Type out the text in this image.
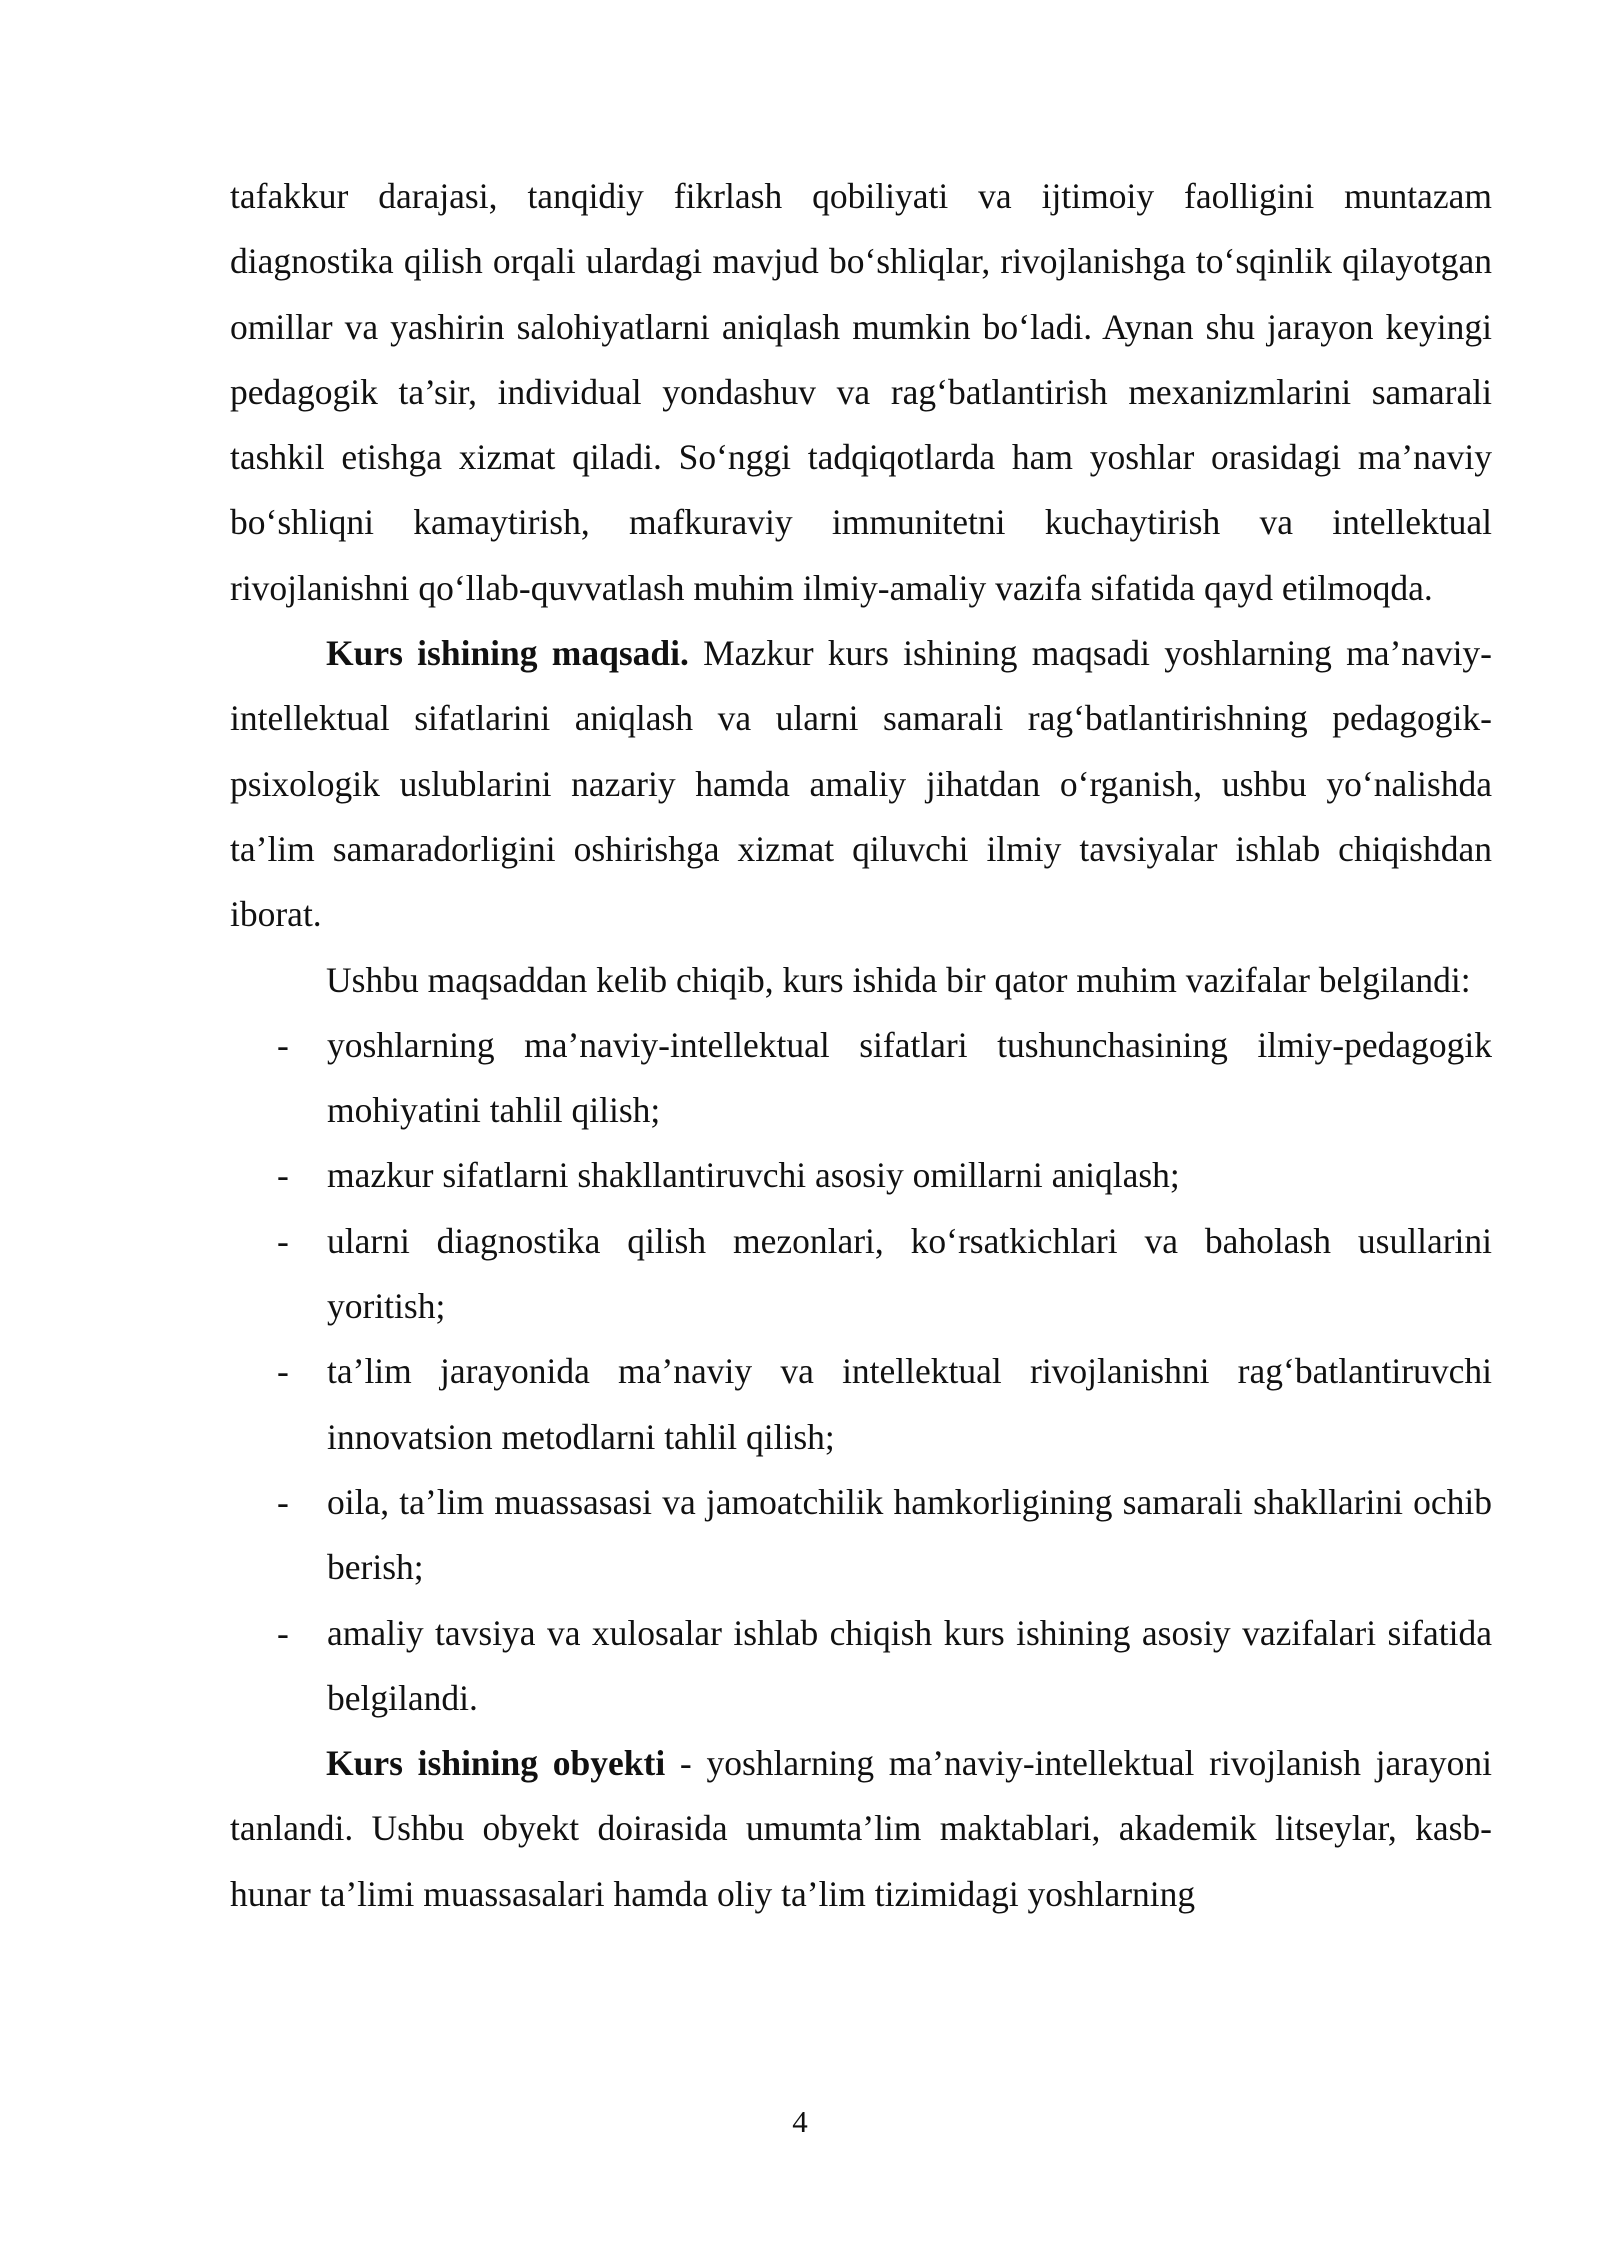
tafakkur darajasi, tanqidiy fikrlash qobiliyati va ijtimoiy faolligini muntazam diagnostika qilish orqali ulardagi mavjud bo‘shliqlar, rivojlanishga to‘sqinlik qilayotgan omillar va yashirin salohiyatlarni aniqlash mumkin bo‘ladi. Aynan shu jarayon keyingi pedagogik ta’sir, individual yondashuv va rag‘batlantirish mexanizmlarini samarali tashkil etishga xizmat qiladi. So‘nggi tadqiqotlarda ham yoshlar orasidagi ma’naviy bo‘shliqni kamaytirish, mafkuraviy immunitetni kuchaytirish va intellektual rivojlanishni qo‘llab-quvvatlash muhim ilmiy-amaliy vazifa sifatida qayd etilmoqda.

Kurs ishining maqsadi. Mazkur kurs ishining maqsadi yoshlarning ma’naviy-intellektual sifatlarini aniqlash va ularni samarali rag‘batlantirishning pedagogik-psixologik uslublarini nazariy hamda amaliy jihatdan o‘rganish, ushbu yo‘nalishda ta’lim samaradorligini oshirishga xizmat qiluvchi ilmiy tavsiyalar ishlab chiqishdan iborat.

Ushbu maqsaddan kelib chiqib, kurs ishida bir qator muhim vazifalar belgilandi:

- yoshlarning ma’naviy-intellektual sifatlari tushunchasining ilmiy-pedagogik mohiyatini tahlil qilish;
- mazkur sifatlarni shakllantiruvchi asosiy omillarni aniqlash;
- ularni diagnostika qilish mezonlari, ko‘rsatkichlari va baholash usullarini yoritish;
- ta’lim jarayonida ma’naviy va intellektual rivojlanishni rag‘batlantiruvchi innovatsion metodlarni tahlil qilish;
- oila, ta’lim muassasasi va jamoatchilik hamkorligining samarali shakllarini ochib berish;
- amaliy tavsiya va xulosalar ishlab chiqish kurs ishining asosiy vazifalari sifatida belgilandi.

Kurs ishining obyekti - yoshlarning ma’naviy-intellektual rivojlanish jarayoni tanlandi. Ushbu obyekt doirasida umumta’lim maktablari, akademik litseylar, kasb-hunar ta’limi muassasalari hamda oliy ta’lim tizimidagi yoshlarning

4
